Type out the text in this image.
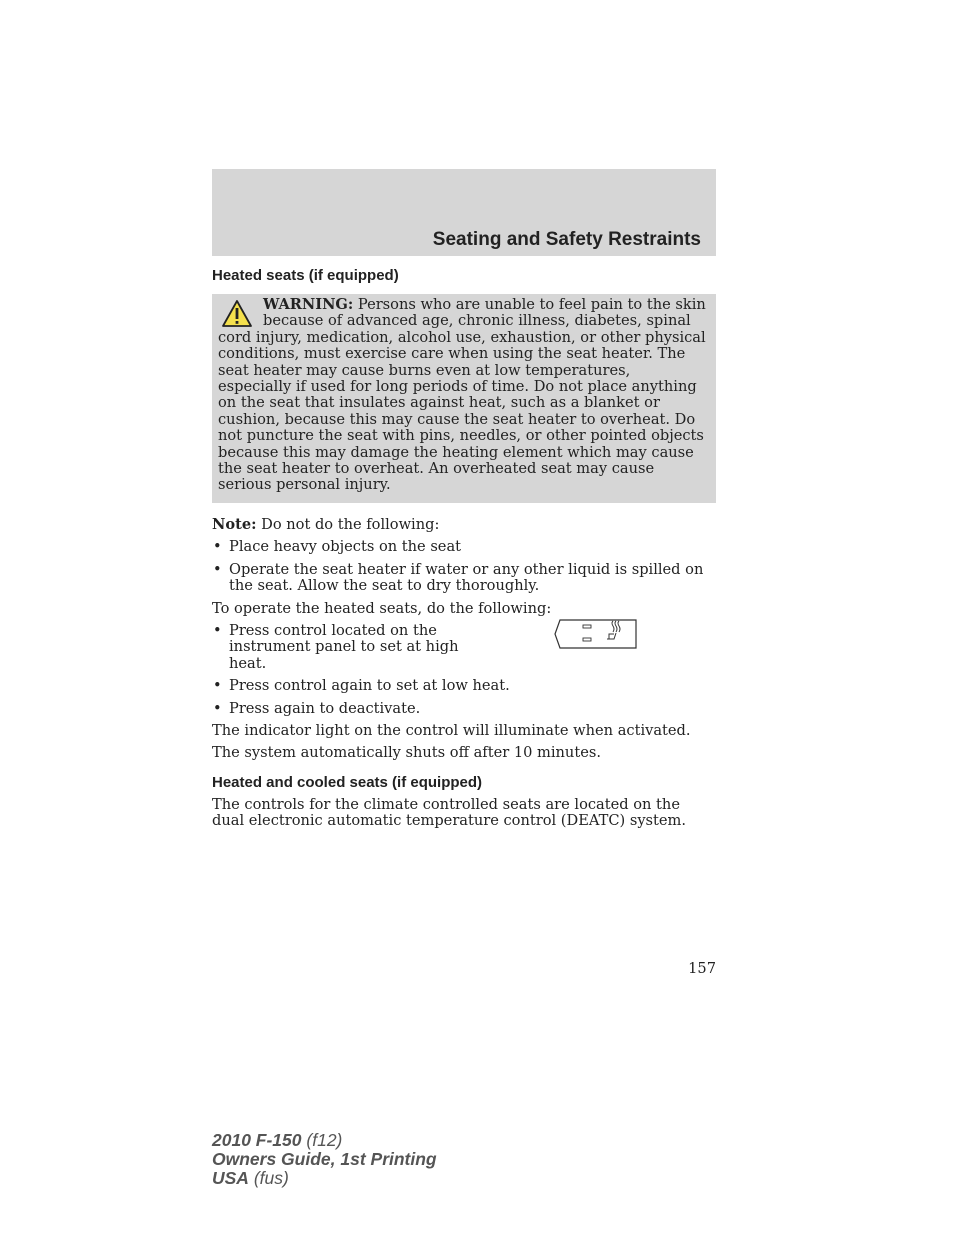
Seating and Safety Restraints
Heated seats (if equipped)
WARNING: Persons who are unable to feel pain to the skin because of advanced age, chronic illness, diabetes, spinal cord injury, medication, alcohol use, exhaustion, or other physical conditions, must exercise care when using the seat heater. The seat heater may cause burns even at low temperatures, especially if used for long periods of time. Do not place anything on the seat that insulates against heat, such as a blanket or cushion, because this may cause the seat heater to overheat. Do not puncture the seat with pins, needles, or other pointed objects because this may damage the heating element which may cause the seat heater to overheat. An overheated seat may cause serious personal injury.

Note: Do not do the following:

• Place heavy objects on the seat
• Operate the seat heater if water or any other liquid is spilled on the seat. Allow the seat to dry thoroughly.

To operate the heated seats, do the following:

• Press control located on the instrument panel to set at high heat.
• Press control again to set at low heat.
• Press again to deactivate.

The indicator light on the control will illuminate when activated.

The system automatically shuts off after 10 minutes.

Heated and cooled seats (if equipped)

The controls for the climate controlled seats are located on the dual electronic automatic temperature control (DEATC) system.

157
2010 F-150 (f12)
Owners Guide, 1st Printing
USA (fus)
